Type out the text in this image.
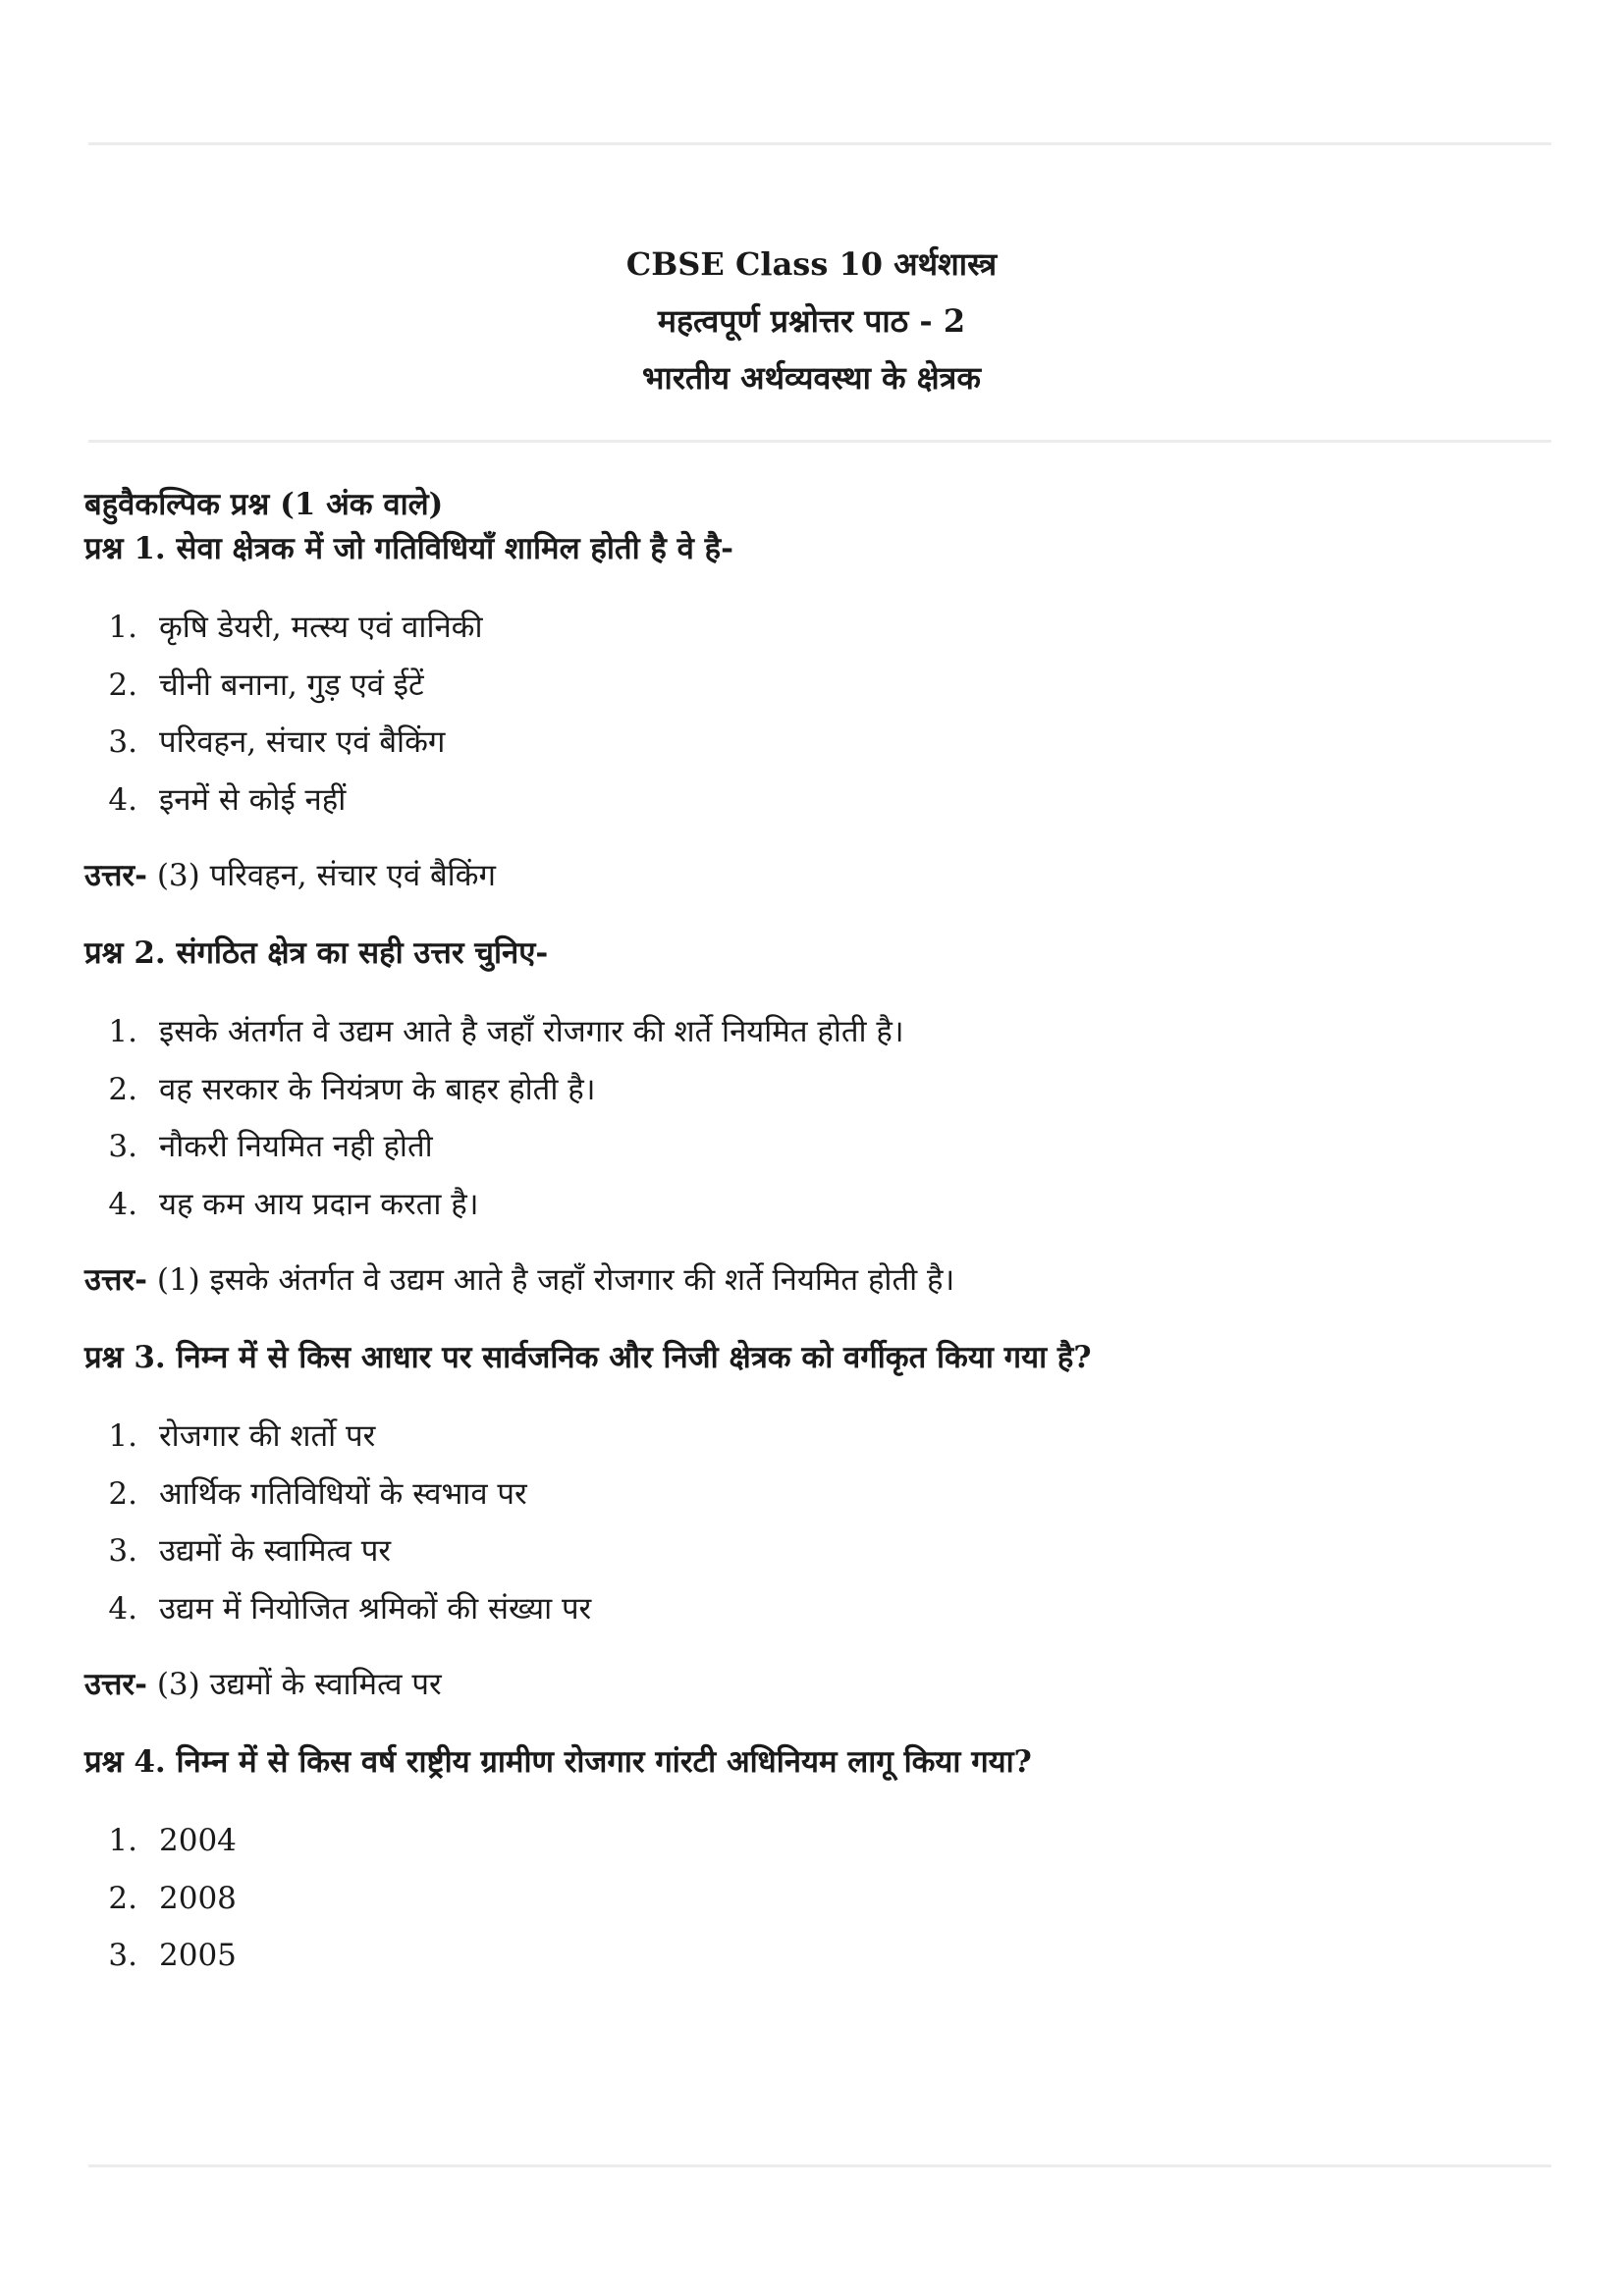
CBSE Class 10 अर्थशास्त्र
महत्वपूर्ण प्रश्नोत्तर पाठ - 2
भारतीय अर्थव्यवस्था के क्षेत्रक

बहुवैकल्पिक प्रश्न (1 अंक वाले)

प्रश्न 1. सेवा क्षेत्रक में जो गतिविधियाँ शामिल होती है वे है-

1. कृषि डेयरी, मत्स्य एवं वानिकी
2. चीनी बनाना, गुड़ एवं ईटें
3. परिवहन, संचार एवं बैकिंग
4. इनमें से कोई नहीं

उत्तर- (3) परिवहन, संचार एवं बैकिंग

प्रश्न 2. संगठित क्षेत्र का सही उत्तर चुनिए-

1. इसके अंतर्गत वे उद्यम आते है जहाँ रोजगार की शर्ते नियमित होती है।
2. वह सरकार के नियंत्रण के बाहर होती है।
3. नौकरी नियमित नही होती
4. यह कम आय प्रदान करता है।

उत्तर- (1) इसके अंतर्गत वे उद्यम आते है जहाँ रोजगार की शर्ते नियमित होती है।

प्रश्न 3. निम्न में से किस आधार पर सार्वजनिक और निजी क्षेत्रक को वर्गीकृत किया गया है?

1. रोजगार की शर्तो पर
2. आर्थिक गतिविधियों के स्वभाव पर
3. उद्यमों के स्वामित्व पर
4. उद्यम में नियोजित श्रमिकों की संख्या पर

उत्तर- (3) उद्यमों के स्वामित्व पर

प्रश्न 4. निम्न में से किस वर्ष राष्ट्रीय ग्रामीण रोजगार गांरटी अधिनियम लागू किया गया?

1. 2004
2. 2008
3. 2005
